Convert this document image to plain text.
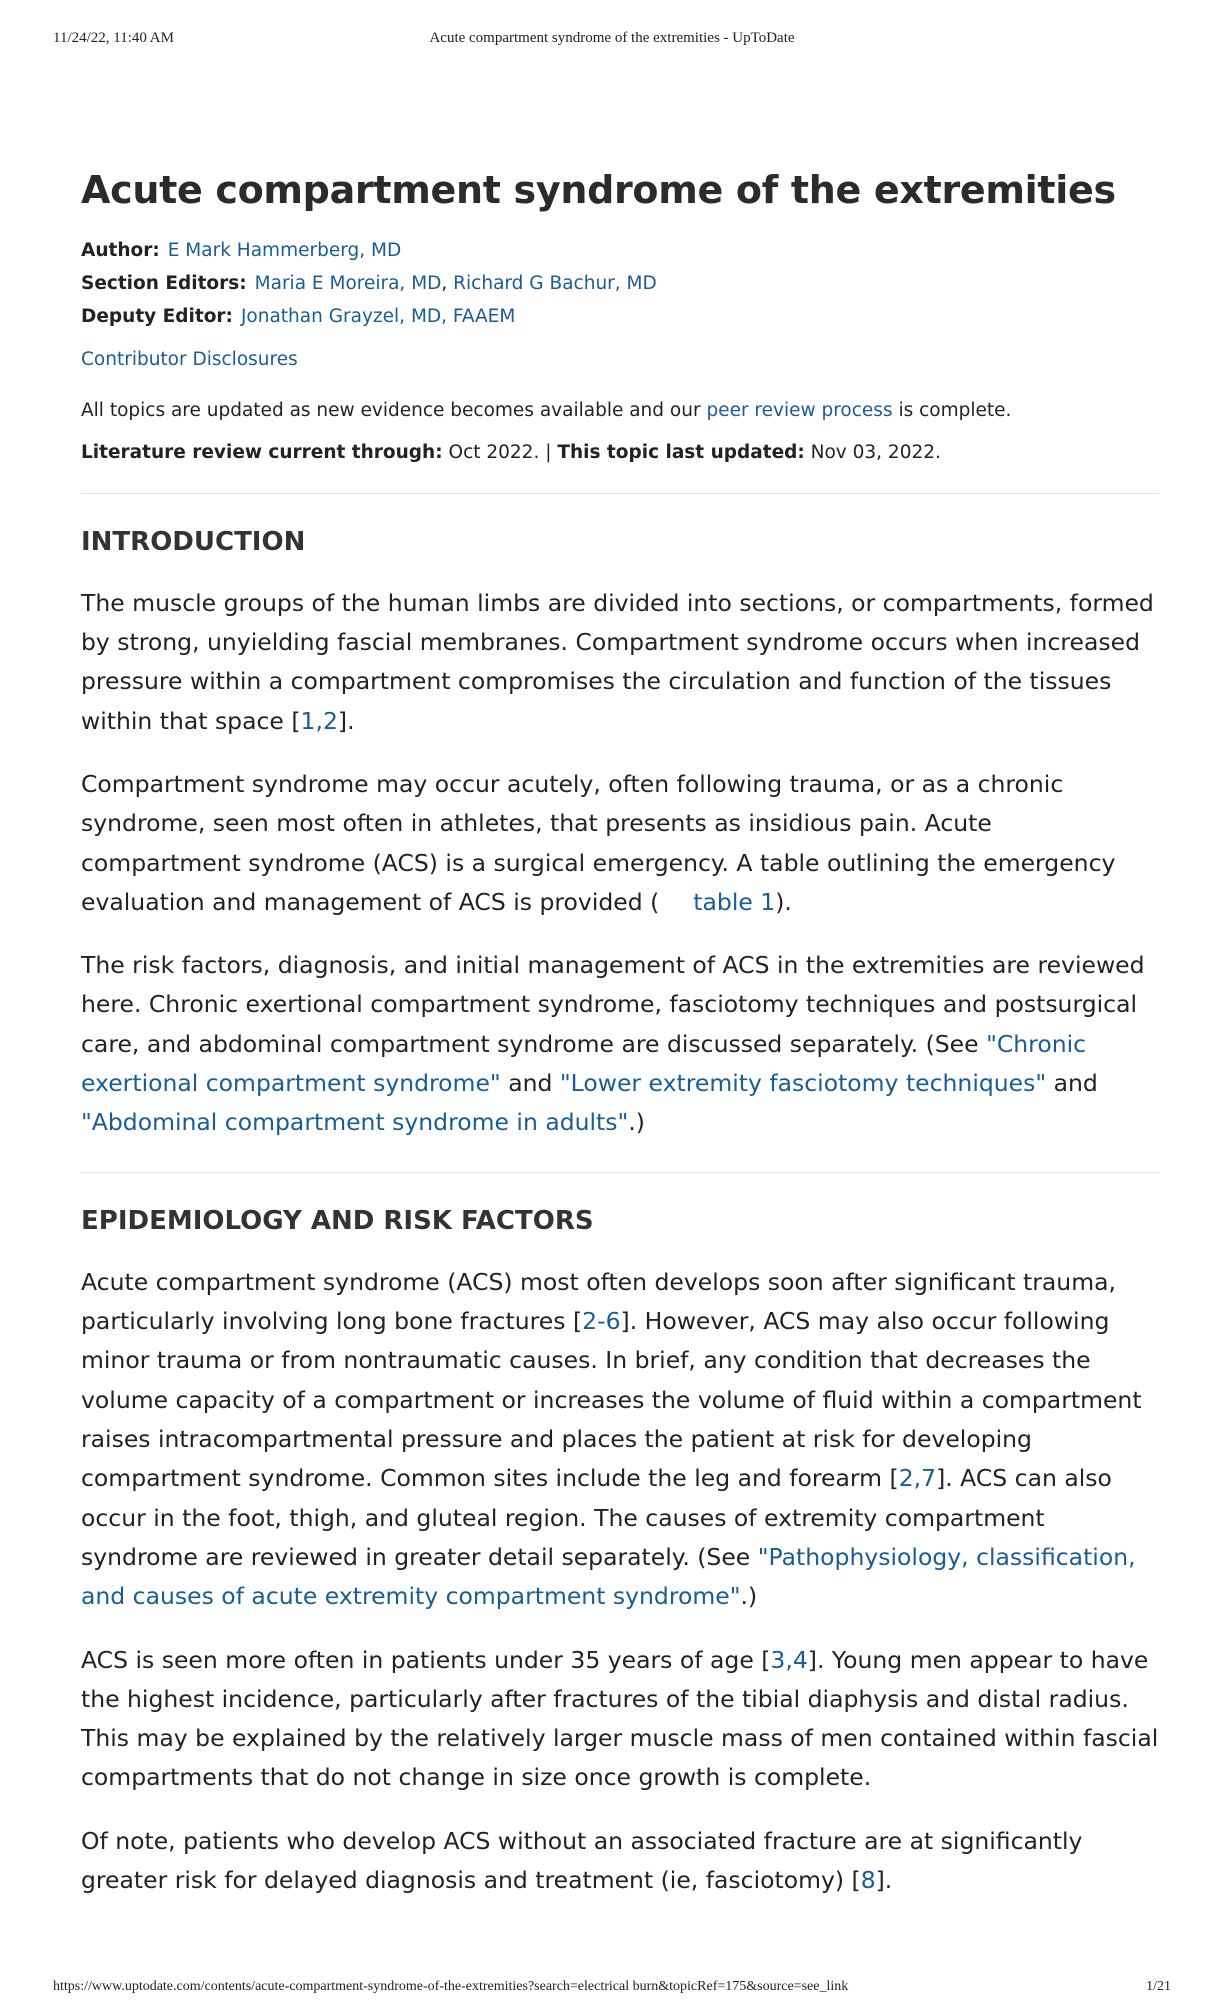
11/24/22, 11:40 AM	Acute compartment syndrome of the extremities - UpToDate
Acute compartment syndrome of the extremities
Author: E Mark Hammerberg, MD
Section Editors: Maria E Moreira, MD, Richard G Bachur, MD
Deputy Editor: Jonathan Grayzel, MD, FAAEM
Contributor Disclosures
All topics are updated as new evidence becomes available and our peer review process is complete.
Literature review current through: Oct 2022. | This topic last updated: Nov 03, 2022.
INTRODUCTION

The muscle groups of the human limbs are divided into sections, or compartments, formed by strong, unyielding fascial membranes. Compartment syndrome occurs when increased pressure within a compartment compromises the circulation and function of the tissues within that space [1,2].

Compartment syndrome may occur acutely, often following trauma, or as a chronic syndrome, seen most often in athletes, that presents as insidious pain. Acute compartment syndrome (ACS) is a surgical emergency. A table outlining the emergency evaluation and management of ACS is provided ( table 1).

The risk factors, diagnosis, and initial management of ACS in the extremities are reviewed here. Chronic exertional compartment syndrome, fasciotomy techniques and postsurgical care, and abdominal compartment syndrome are discussed separately. (See "Chronic exertional compartment syndrome" and "Lower extremity fasciotomy techniques" and "Abdominal compartment syndrome in adults".)

EPIDEMIOLOGY AND RISK FACTORS

Acute compartment syndrome (ACS) most often develops soon after significant trauma, particularly involving long bone fractures [2-6]. However, ACS may also occur following minor trauma or from nontraumatic causes. In brief, any condition that decreases the volume capacity of a compartment or increases the volume of fluid within a compartment raises intracompartmental pressure and places the patient at risk for developing compartment syndrome. Common sites include the leg and forearm [2,7]. ACS can also occur in the foot, thigh, and gluteal region. The causes of extremity compartment syndrome are reviewed in greater detail separately. (See "Pathophysiology, classification, and causes of acute extremity compartment syndrome".)

ACS is seen more often in patients under 35 years of age [3,4]. Young men appear to have the highest incidence, particularly after fractures of the tibial diaphysis and distal radius. This may be explained by the relatively larger muscle mass of men contained within fascial compartments that do not change in size once growth is complete.

Of note, patients who develop ACS without an associated fracture are at significantly greater risk for delayed diagnosis and treatment (ie, fasciotomy) [8].

https://www.uptodate.com/contents/acute-compartment-syndrome-of-the-extremities?search=electrical burn&topicRef=175&source=see_link	1/21
